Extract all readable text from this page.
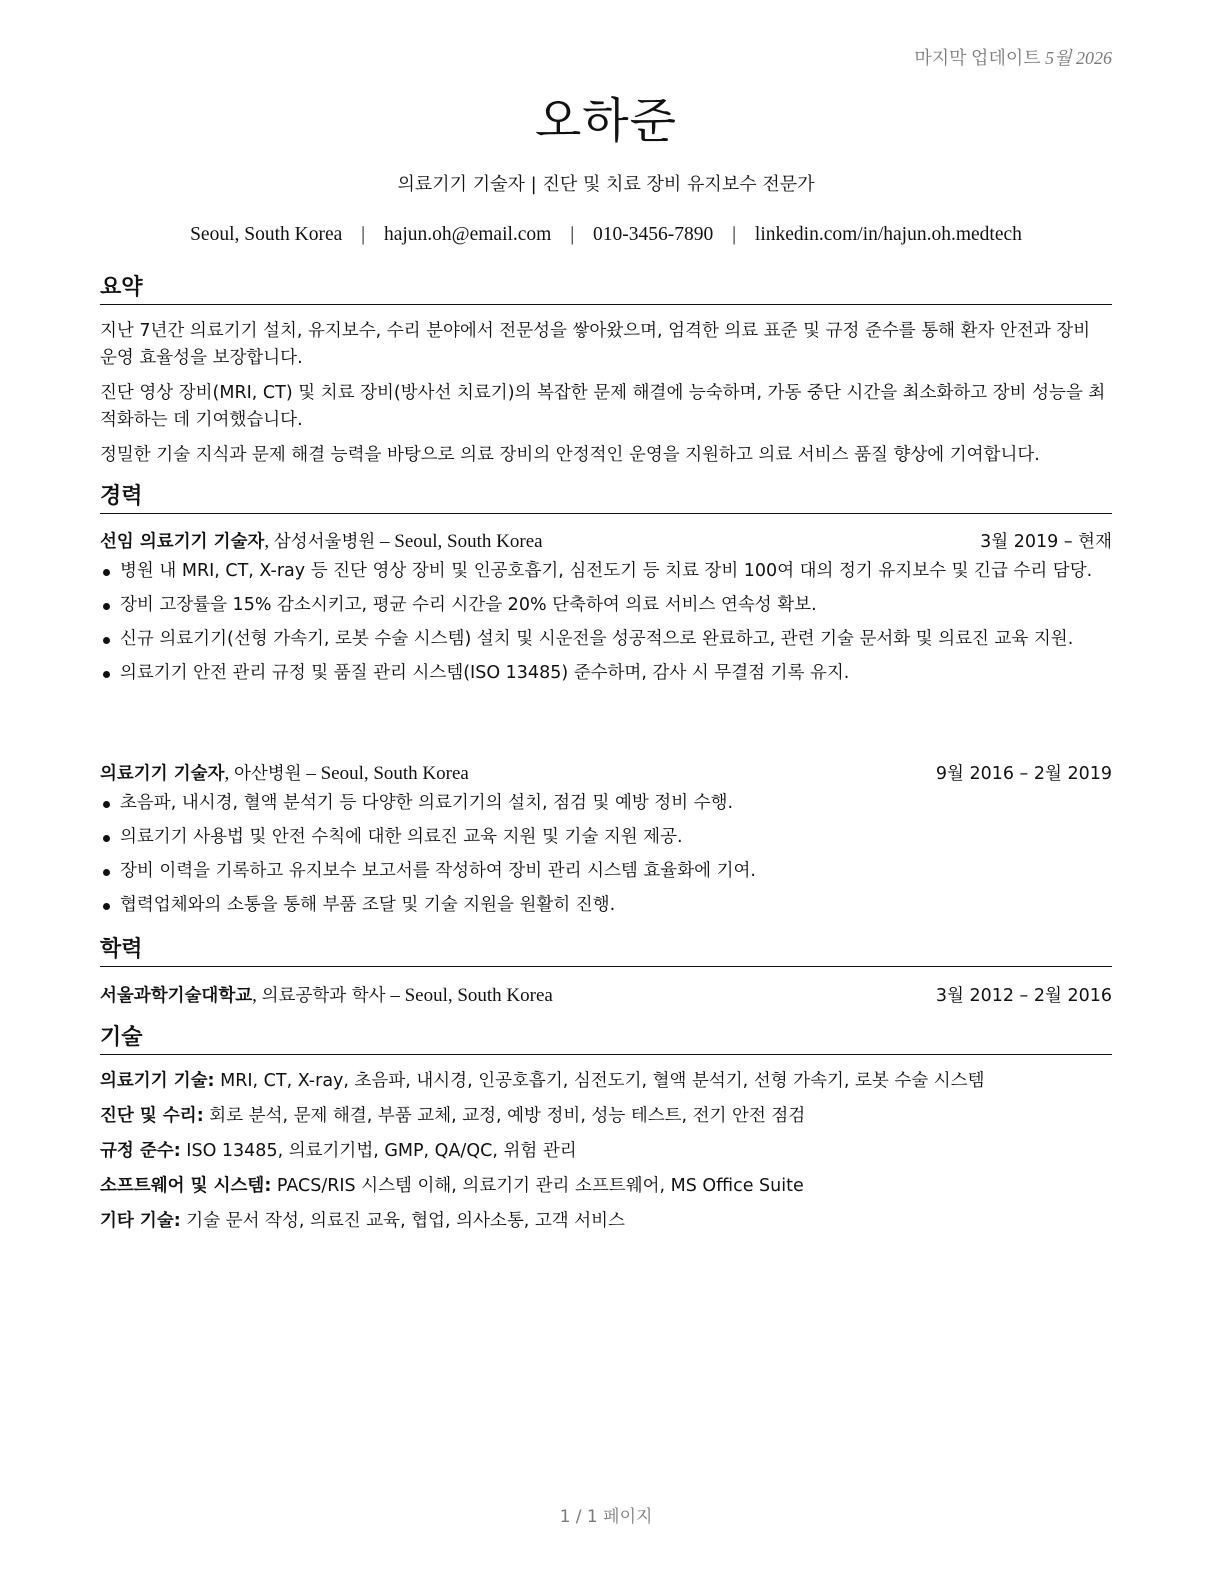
마지막 업데이트 5월 2026
오하준
의료기기 기술자 | 진단 및 치료 장비 유지보수 전문가
Seoul, South Korea | hajun.oh@email.com | 010-3456-7890 | linkedin.com/in/hajun.oh.medtech
요약

지난 7년간 의료기기 설치, 유지보수, 수리 분야에서 전문성을 쌓아왔으며, 엄격한 의료 표준 및 규정 준수를 통해 환자 안전과 장비 운영 효율성을 보장합니다.

진단 영상 장비(MRI, CT) 및 치료 장비(방사선 치료기)의 복잡한 문제 해결에 능숙하며, 가동 중단 시간을 최소화하고 장비 성능을 최적화하는 데 기여했습니다.

정밀한 기술 지식과 문제 해결 능력을 바탕으로 의료 장비의 안정적인 운영을 지원하고 의료 서비스 품질 향상에 기여합니다.

경력
선임 의료기기 기술자, 삼성서울병원 – Seoul, South Korea	3월 2019 – 현재
병원 내 MRI, CT, X-ray 등 진단 영상 장비 및 인공호흡기, 심전도기 등 치료 장비 100여 대의 정기 유지보수 및 긴급 수리 담당.
장비 고장률을 15% 감소시키고, 평균 수리 시간을 20% 단축하여 의료 서비스 연속성 확보.
신규 의료기기(선형 가속기, 로봇 수술 시스템) 설치 및 시운전을 성공적으로 완료하고, 관련 기술 문서화 및 의료진 교육 지원.
의료기기 안전 관리 규정 및 품질 관리 시스템(ISO 13485) 준수하며, 감사 시 무결점 기록 유지.
의료기기 기술자, 아산병원 – Seoul, South Korea	9월 2016 – 2월 2019
초음파, 내시경, 혈액 분석기 등 다양한 의료기기의 설치, 점검 및 예방 정비 수행.
의료기기 사용법 및 안전 수칙에 대한 의료진 교육 지원 및 기술 지원 제공.
장비 이력을 기록하고 유지보수 보고서를 작성하여 장비 관리 시스템 효율화에 기여.
협력업체와의 소통을 통해 부품 조달 및 기술 지원을 원활히 진행.
학력
서울과학기술대학교, 의료공학과 학사 – Seoul, South Korea	3월 2012 – 2월 2016
기술
의료기기 기술: MRI, CT, X-ray, 초음파, 내시경, 인공호흡기, 심전도기, 혈액 분석기, 선형 가속기, 로봇 수술 시스템
진단 및 수리: 회로 분석, 문제 해결, 부품 교체, 교정, 예방 정비, 성능 테스트, 전기 안전 점검
규정 준수: ISO 13485, 의료기기법, GMP, QA/QC, 위험 관리
소프트웨어 및 시스템: PACS/RIS 시스템 이해, 의료기기 관리 소프트웨어, MS Office Suite
기타 기술: 기술 문서 작성, 의료진 교육, 협업, 의사소통, 고객 서비스
1 / 1 페이지
